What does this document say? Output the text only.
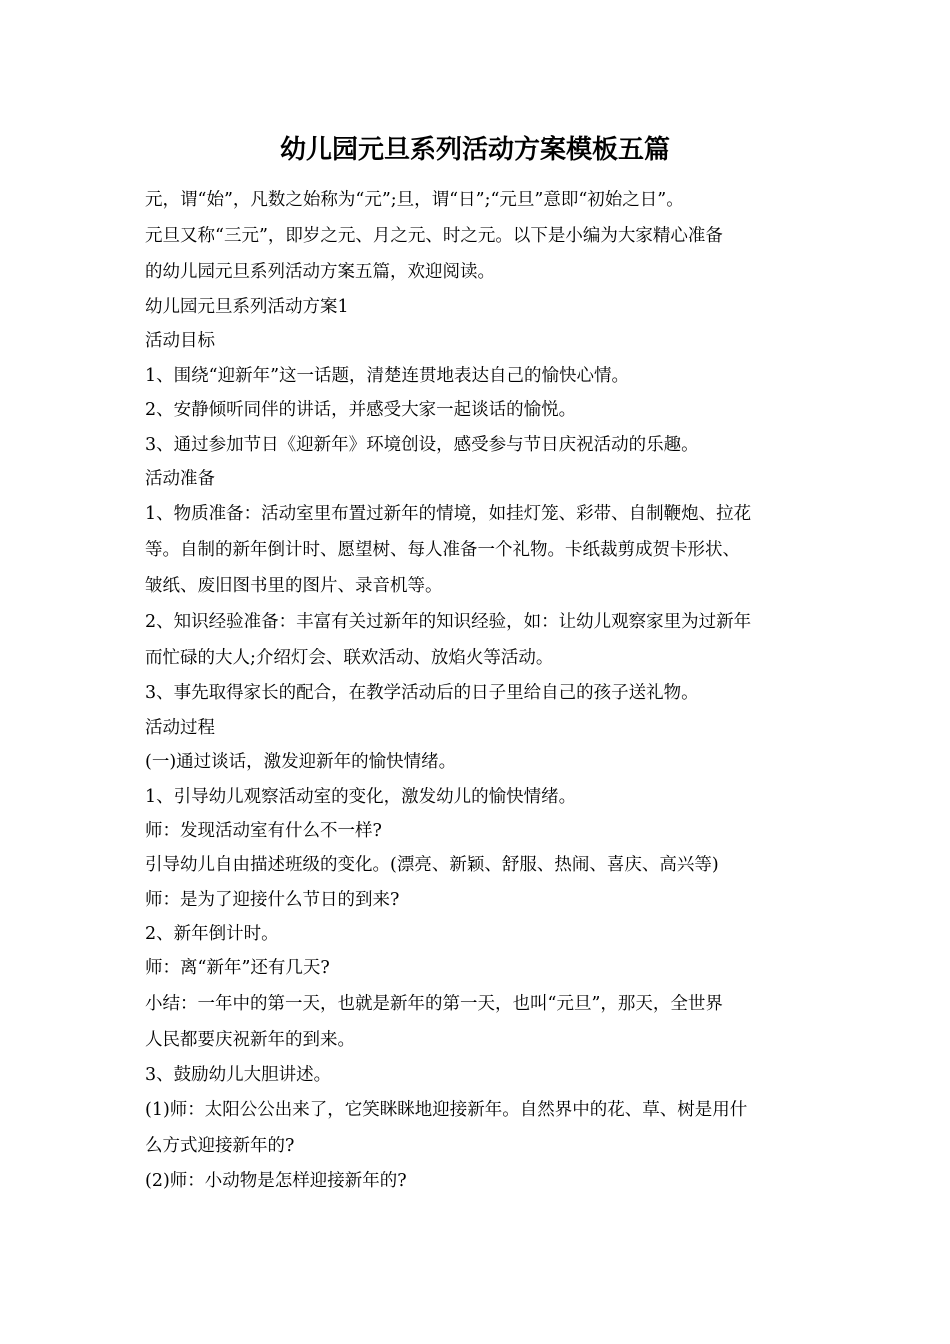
幼儿园元旦系列活动方案模板五篇
元，谓“始”，凡数之始称为“元”;旦，谓“日”;“元旦”意即“初始之日”。
元旦又称“三元”，即岁之元、月之元、时之元。以下是小编为大家精心准备
的幼儿园元旦系列活动方案五篇，欢迎阅读。
幼儿园元旦系列活动方案1
活动目标
1、围绕“迎新年”这一话题，清楚连贯地表达自己的愉快心情。
2、安静倾听同伴的讲话，并感受大家一起谈话的愉悦。
3、通过参加节日《迎新年》环境创设，感受参与节日庆祝活动的乐趣。
活动准备
1、物质准备：活动室里布置过新年的情境，如挂灯笼、彩带、自制鞭炮、拉花
等。自制的新年倒计时、愿望树、每人准备一个礼物。卡纸裁剪成贺卡形状、
皱纸、废旧图书里的图片、录音机等。
2、知识经验准备：丰富有关过新年的知识经验，如：让幼儿观察家里为过新年
而忙碌的大人;介绍灯会、联欢活动、放焰火等活动。
3、事先取得家长的配合，在教学活动后的日子里给自己的孩子送礼物。
活动过程
(一)通过谈话，激发迎新年的愉快情绪。
1、引导幼儿观察活动室的变化，激发幼儿的愉快情绪。
师：发现活动室有什么不一样?
引导幼儿自由描述班级的变化。(漂亮、新颖、舒服、热闹、喜庆、高兴等)
师：是为了迎接什么节日的到来?
2、新年倒计时。
师：离“新年”还有几天?
小结：一年中的第一天，也就是新年的第一天，也叫“元旦”，那天，全世界
人民都要庆祝新年的到来。
3、鼓励幼儿大胆讲述。
(1)师：太阳公公出来了，它笑眯眯地迎接新年。自然界中的花、草、树是用什
么方式迎接新年的?
(2)师：小动物是怎样迎接新年的?
